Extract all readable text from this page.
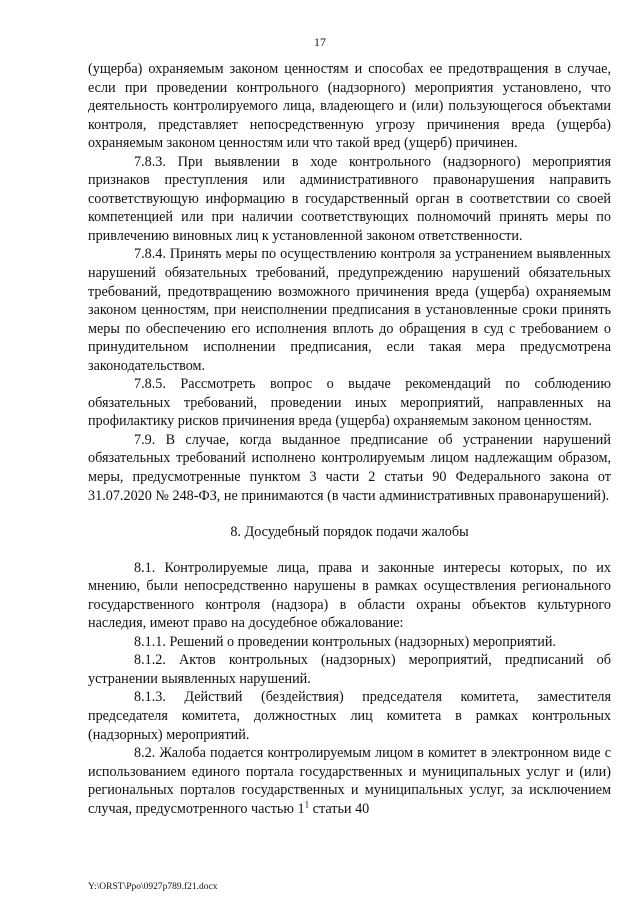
17

(ущерба) охраняемым законом ценностям и способах ее предотвращения в случае, если при проведении контрольного (надзорного) мероприятия установлено, что деятельность контролируемого лица, владеющего и (или) пользующегося объектами контроля, представляет непосредственную угрозу причинения вреда (ущерба) охраняемым законом ценностям или что такой вред (ущерб) причинен.

7.8.3. При выявлении в ходе контрольного (надзорного) мероприятия признаков преступления или административного правонарушения направить соответствующую информацию в государственный орган в соответствии со своей компетенцией или при наличии соответствующих полномочий принять меры по привлечению виновных лиц к установленной законом ответственности.

7.8.4. Принять меры по осуществлению контроля за устранением выявленных нарушений обязательных требований, предупреждению нарушений обязательных требований, предотвращению возможного причинения вреда (ущерба) охраняемым законом ценностям, при неисполнении предписания в установленные сроки принять меры по обеспечению его исполнения вплоть до обращения в суд с требованием о принудительном исполнении предписания, если такая мера предусмотрена законодательством.

7.8.5. Рассмотреть вопрос о выдаче рекомендаций по соблюдению обязательных требований, проведении иных мероприятий, направленных на профилактику рисков причинения вреда (ущерба) охраняемым законом ценностям.

7.9. В случае, когда выданное предписание об устранении нарушений обязательных требований исполнено контролируемым лицом надлежащим образом, меры, предусмотренные пунктом 3 части 2 статьи 90 Федерального закона от 31.07.2020 № 248-ФЗ, не принимаются (в части административных правонарушений).

8. Досудебный порядок подачи жалобы

8.1. Контролируемые лица, права и законные интересы которых, по их мнению, были непосредственно нарушены в рамках осуществления регионального государственного контроля (надзора) в области охраны объектов культурного наследия, имеют право на досудебное обжалование:

8.1.1. Решений о проведении контрольных (надзорных) мероприятий.

8.1.2. Актов контрольных (надзорных) мероприятий, предписаний об устранении выявленных нарушений.

8.1.3. Действий (бездействия) председателя комитета, заместителя председателя комитета, должностных лиц комитета в рамках контрольных (надзорных) мероприятий.

8.2. Жалоба подается контролируемым лицом в комитет в электронном виде с использованием единого портала государственных и муниципальных услуг и (или) региональных порталов государственных и муниципальных услуг, за исключением случая, предусмотренного частью $1^1$ статьи 40

Y:\ORST\Ppo\0927p789.f21.docx
